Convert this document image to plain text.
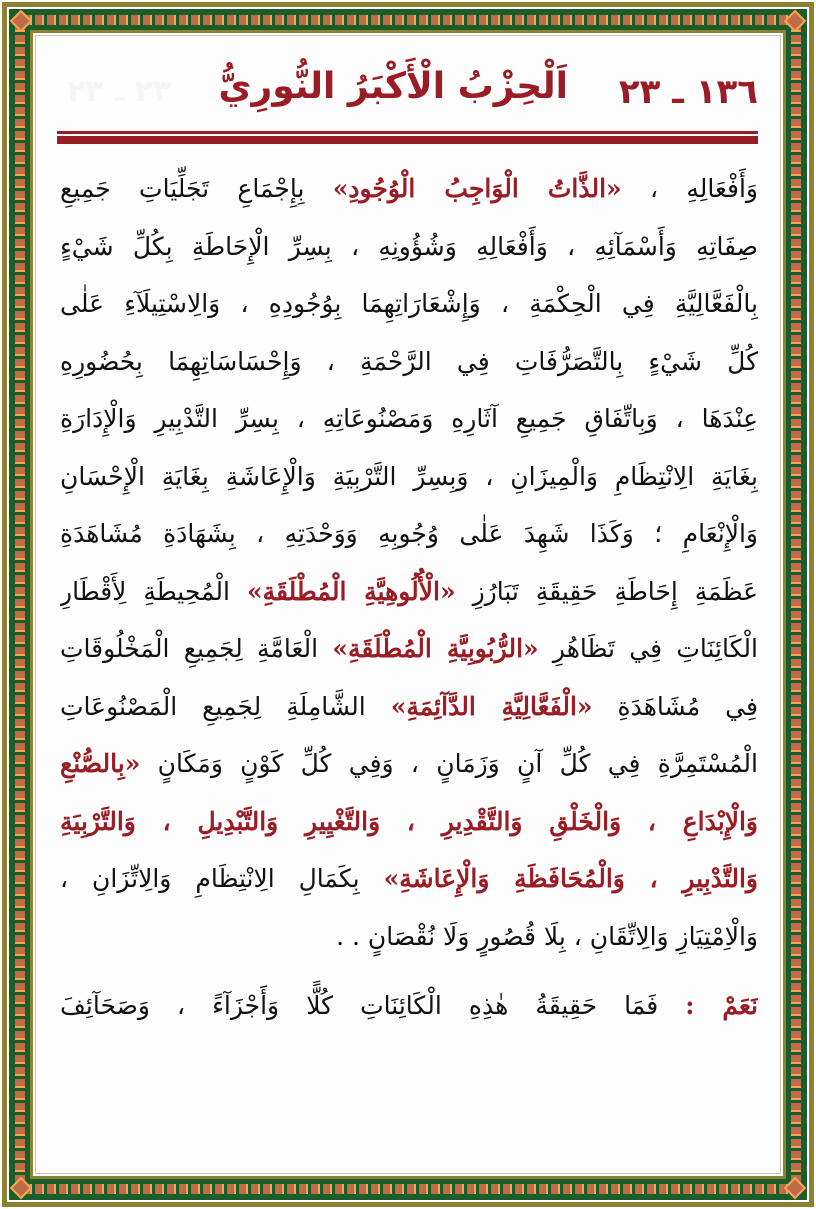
١٣٦ ـ ٢٣
اَلْحِزْبُ الْأَكْبَرُ النُّورِيُّ
٢٣ ـ ٢٣
وَأَفْعَالِهِ ، «الذَّاتُ الْوَاجِبُ الْوُجُودِ» بِإِجْمَاعِ تَجَلِّيَاتِ جَمِيعِ
صِفَاتِهِ وَأَسْمَآئِهِ ، وَأَفْعَالِهِ وَشُؤُونِهِ ، بِسِرِّ الْإِحَاطَةِ بِكُلِّ شَيْءٍ
بِالْفَعَّالِيَّةِ فِي الْحِكْمَةِ ، وَإِشْعَارَاتِهِمَا بِوُجُودِهِ ، وَالِاسْتِيلَآءِ عَلٰى
كُلِّ شَيْءٍ بِالتَّصَرُّفَاتِ فِي الرَّحْمَةِ ، وَإِحْسَاسَاتِهِمَا بِحُضُورِهِ
عِنْدَهَا ، وَبِاتِّفَاقِ جَمِيعِ آثَارِهِ وَمَصْنُوعَاتِهِ ، بِسِرِّ التَّدْبِيرِ وَالْإِدَارَةِ
بِغَايَةِ الِانْتِظَامِ وَالْمِيزَانِ ، وَبِسِرِّ التَّرْبِيَةِ وَالْإِعَاشَةِ بِغَايَةِ الْإِحْسَانِ
وَالْإِنْعَامِ ؛ وَكَذَا شَهِدَ عَلٰى وُجُوبِهِ وَوَحْدَتِهِ ، بِشَهَادَةِ مُشَاهَدَةِ
عَظَمَةِ إِحَاطَةِ حَقِيقَةِ تَبَارُزِ «الْأُلُوهِيَّةِ الْمُطْلَقَةِ» الْمُحِيطَةِ لِأَقْطَارِ
الْكَائِنَاتِ فِي تَظَاهُرِ «الرُّبُوبِيَّةِ الْمُطْلَقَةِ» الْعَامَّةِ لِجَمِيعِ الْمَخْلُوقَاتِ
فِي مُشَاهَدَةِ «الْفَعَّالِيَّةِ الدَّآئِمَةِ» الشَّامِلَةِ لِجَمِيعِ الْمَصْنُوعَاتِ
الْمُسْتَمِرَّةِ فِي كُلِّ آنٍ وَزَمَانٍ ، وَفِي كُلِّ كَوْنٍ وَمَكَانٍ «بِالصُّنْعِ
وَالْإِبْدَاعِ ، وَالْخَلْقِ وَالتَّقْدِيرِ ، وَالتَّغْيِيرِ وَالتَّبْدِيلِ ، وَالتَّرْبِيَةِ
وَالتَّدْبِيرِ ، وَالْمُحَافَظَةِ وَالْإِعَاشَةِ» بِكَمَالِ الِانْتِظَامِ وَالِاتِّزَانِ ،
وَالْاِمْتِيَازِ وَالِاتِّقَانِ ، بِلَا قُصُورٍ وَلَا نُقْصَانٍ . .
نَعَمْ : فَمَا حَقِيقَةُ هٰذِهِ الْكَائِنَاتِ كُلًّا وَأَجْزَآءً ، وَصَحَآئِفَ
